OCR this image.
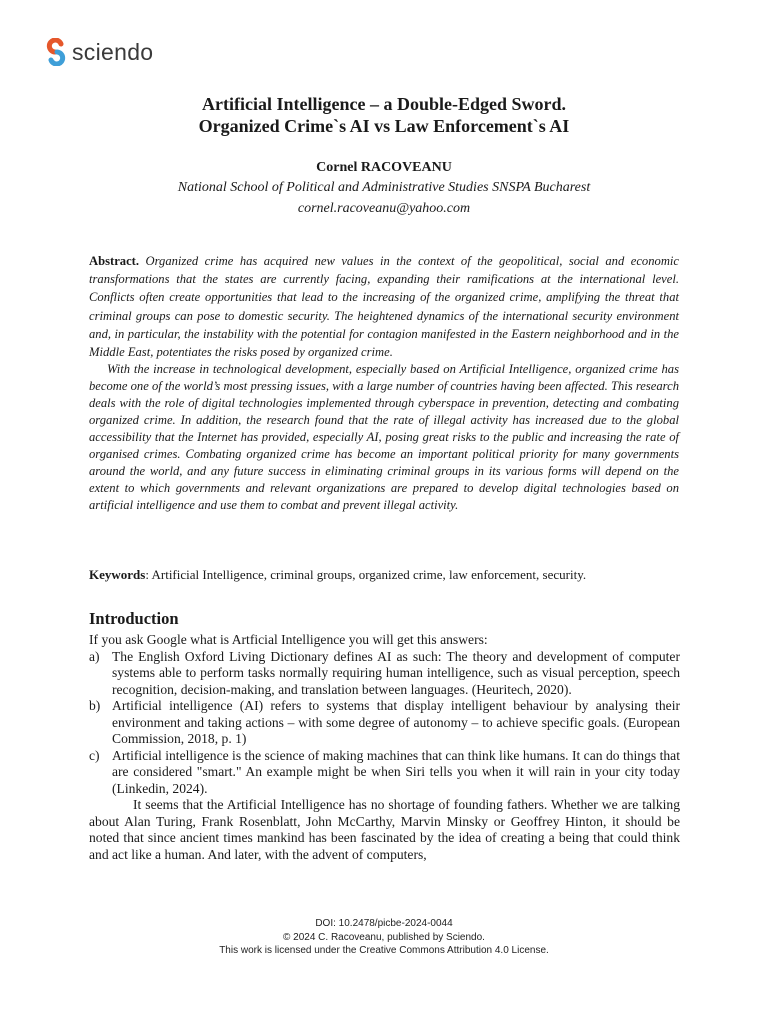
sciendo
Artificial Intelligence – a Double-Edged Sword.
Organized Crime`s AI vs Law Enforcement`s AI
Cornel RACOVEANU
National School of Political and Administrative Studies SNSPA Bucharest
cornel.racoveanu@yahoo.com
Abstract. Organized crime has acquired new values in the context of the geopolitical, social and economic transformations that the states are currently facing, expanding their ramifications at the international level. Conflicts often create opportunities that lead to the increasing of the organized crime, amplifying the threat that criminal groups can pose to domestic security. The heightened dynamics of the international security environment and, in particular, the instability with the potential for contagion manifested in the Eastern neighborhood and in the Middle East, potentiates the risks posed by organized crime.
With the increase in technological development, especially based on Artificial Intelligence, organized crime has become one of the world’s most pressing issues, with a large number of countries having been affected. This research deals with the role of digital technologies implemented through cyberspace in prevention, detecting and combating organized crime. In addition, the research found that the rate of illegal activity has increased due to the global accessibility that the Internet has provided, especially AI, posing great risks to the public and increasing the rate of organised crimes. Combating organized crime has become an important political priority for many governments around the world, and any future success in eliminating criminal groups in its various forms will depend on the extent to which governments and relevant organizations are prepared to develop digital technologies based on artificial intelligence and use them to combat and prevent illegal activity.
Keywords: Artificial Intelligence, criminal groups, organized crime, law enforcement, security.
Introduction

If you ask Google what is Artficial Intelligence you will get this answers:

a) The English Oxford Living Dictionary defines AI as such: The theory and development of computer systems able to perform tasks normally requiring human intelligence, such as visual perception, speech recognition, decision-making, and translation between languages. (Heuritech, 2020).
b) Artificial intelligence (AI) refers to systems that display intelligent behaviour by analysing their environment and taking actions – with some degree of autonomy – to achieve specific goals. (European Commission, 2018, p. 1)
c) Artificial intelligence is the science of making machines that can think like humans. It can do things that are considered "smart." An example might be when Siri tells you when it will rain in your city today (Linkedin, 2024).

It seems that the Artificial Intelligence has no shortage of founding fathers. Whether we are talking about Alan Turing, Frank Rosenblatt, John McCarthy, Marvin Minsky or Geoffrey Hinton, it should be noted that since ancient times mankind has been fascinated by the idea of creating a being that could think and act like a human. And later, with the advent of computers,

DOI: 10.2478/picbe-2024-0044
© 2024 C. Racoveanu, published by Sciendo.
This work is licensed under the Creative Commons Attribution 4.0 License.
